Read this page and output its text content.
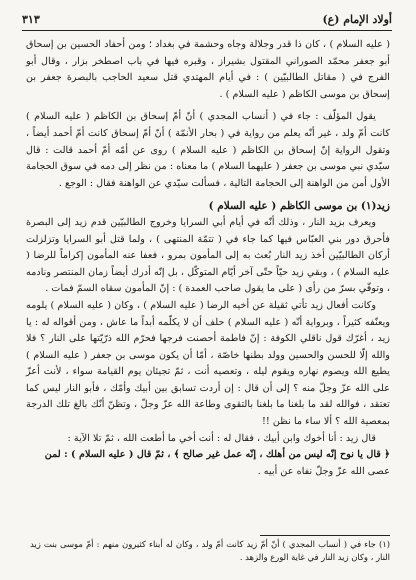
أولاد الإمام (ع)
٣١٣

( عليه السلام ) ، كان ذا قدر وجلالة وجاه وحشمة في بغداد ؛ ومن أحفاد الحسين بن إسحاق أبو جعفر محمّد الصوراني المقتول بشيراز ، وقبره فيها في باب اصطخر بزار ، وقال أبو الفرج في ( مقاتل الطالبيّين ) : في أيام المهتدي قتل سعيد الحاجب بالبصرة جعفر بن إسحاق بن موسى الكاظم ( عليه السلام ) .

يقول المؤلّف : جاء في ( أنساب المجدي ) أنّ أمّ إسحاق بن الكاظم ( عليه السلام ) كانت أمّ ولد ، غير أنّه يعلم من رواية في ( بحار الأنمّة ) أنّ أمّ إسحاق كانت أمّ أحمد أيضاً ، وتقول الرواية إنّ إسحاق بن الكاظم ( عليه السلام ) روى عن أمّه أمّ أحمد قالت : قال سيّدي نبي موسى بن جعفر ( عليهما السلام ) ما معناه : من نظر إلى دمه في سوق الحجامة الأول أمن من الواهنة إلى الحجامة التالية ، فسألت سيّدي عن الواهنة فقال : الوجع .

زيد(١) بن موسى الكاظم ( عليه السلام )

ويعرف بزيد النار ، وذلك أنّه في أيام أبي السرايا وخروج الطالبيّين قدم زيد إلى البصرة فأحرق دور بني العبّاس فيها كما جاء في ( تتمّة المنتهى ) ، ولما قتل أبو السرايا وتزلزلت أركان الطالبيّين أخذ زيد النار بُعث به إلى المأمون بمرو ، فعفا عنه المأمون إكراماً للرضا ( عليه السلام ) ، وبقي زيد حيّاً حتّى آخر أيّام المتوكّل ، بل إنّه أدرك أيضاً زمان المنتصر ونادمه ، وتوفّي بسرّ من رأى ( على ما يقول صاحب العمدة ) : إنّ المأمون سقاه السمّ فمات .

وكانت أفعال زيد تأتي ثقيلة عن أخيه الرضا ( عليه السلام ) ، وكان ( عليه السلام ) يلومه ويعنّفه كثيراً ، وبرواية أنّه ( عليه السلام ) حلف أن لا يكلّمه أبداً ما عاش ، ومن أقواله له : يا زيد ، أغرّك قول ناقلي الكوفة : إنّ فاطمة أحصنت فرجها فحرّم الله ذرّيّتها على النار ؟ فلا والله إلّا للحسن والحسين وولد بطنها خاصّة ، أمّا أن يكون موسى بن جعفر ( عليه السلام ) يطيع الله ويصوم نهاره ويقوم ليله ، وتعصيه أنت ، ثمّ تجيئان يوم القيامة سواء ، لأنت أعزّ على الله عزّ وجلّ منه ؟ إلى أن قال : إن أردت تسابق بين أبيك وأمّك ، فأبو النار ليس كما تعتقد ، فوالله لقد ما بلغنا ما بلغنا بالتقوى وطاعة الله عزّ وجلّ ، وتظنّ أنّك بالغ تلك الدرجة بمعصية الله ؟ ألا ساء ما نظن !!

قال زيد : أنا أخوك وابن أبيك ، فقال له : أنت أخي ما أطعت الله ، ثمّ تلا الآية :

﴿ قال يا نوح إنّه ليس من أهلك ، إنّه عمل غير صالح ﴾ ، ثمّ قال ( عليه السلام ) : لمن

عصى الله عزّ وجلّ نفاه عن أبيه .

(١) جاء في ( أنساب المجدي ) أنّ أمّ زيد كانت أمّ ولد ، وكان له أبناء كثيرون منهم : أمّ موسى بنت زيد النار ، وكان زيد النار في غاية الورع والزهد .
